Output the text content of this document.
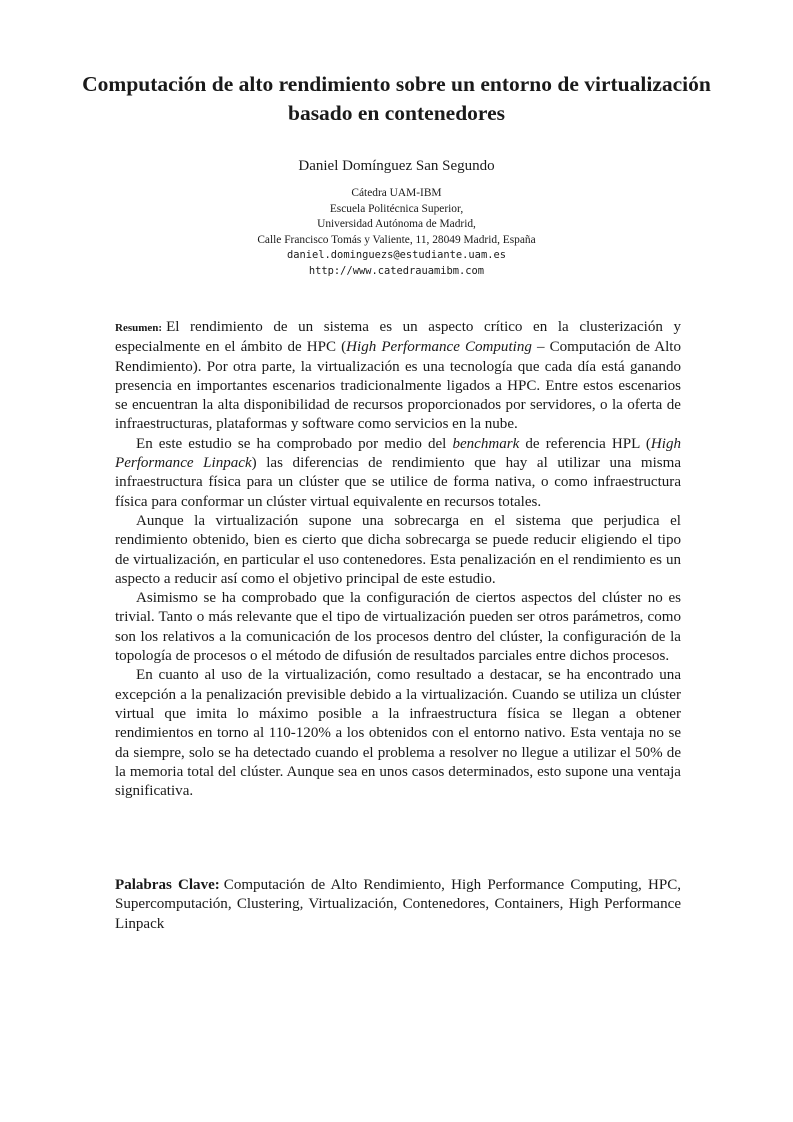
Computación de alto rendimiento sobre un entorno de virtualización basado en contenedores
Daniel Domínguez San Segundo
Cátedra UAM-IBM
Escuela Politécnica Superior,
Universidad Autónoma de Madrid,
Calle Francisco Tomás y Valiente, 11, 28049 Madrid, España
daniel.dominguezs@estudiante.uam.es
http://www.catedrauamibm.com

Resumen: El rendimiento de un sistema es un aspecto crítico en la clusterización y especialmente en el ámbito de HPC (High Performance Computing – Computación de Alto Rendimiento). Por otra parte, la virtualización es una tecnología que cada día está ganando presencia en importantes escenarios tradicionalmente ligados a HPC. Entre estos escenarios se encuentran la alta disponibilidad de recursos proporcionados por servidores, o la oferta de infraestructuras, plataformas y software como servicios en la nube.

En este estudio se ha comprobado por medio del benchmark de referencia HPL (High Performance Linpack) las diferencias de rendimiento que hay al utilizar una misma infraestructura física para un clúster que se utilice de forma nativa, o como infraestructura física para conformar un clúster virtual equivalente en recursos totales.

Aunque la virtualización supone una sobrecarga en el sistema que perjudica el rendimiento obtenido, bien es cierto que dicha sobrecarga se puede reducir eligiendo el tipo de virtualización, en particular el uso contenedores. Esta penalización en el rendimiento es un aspecto a reducir así como el objetivo principal de este estudio.

Asimismo se ha comprobado que la configuración de ciertos aspectos del clúster no es trivial. Tanto o más relevante que el tipo de virtualización pueden ser otros parámetros, como son los relativos a la comunicación de los procesos dentro del clúster, la configuración de la topología de procesos o el método de difusión de resultados parciales entre dichos procesos.

En cuanto al uso de la virtualización, como resultado a destacar, se ha encontrado una excepción a la penalización previsible debido a la virtualización. Cuando se utiliza un clúster virtual que imita lo máximo posible a la infraestructura física se llegan a obtener rendimientos en torno al 110-120% a los obtenidos con el entorno nativo. Esta ventaja no se da siempre, solo se ha detectado cuando el problema a resolver no llegue a utilizar el 50% de la memoria total del clúster. Aunque sea en unos casos determinados, esto supone una ventaja significativa.

Palabras Clave: Computación de Alto Rendimiento, High Performance Computing, HPC, Supercomputación, Clustering, Virtualización, Contenedores, Containers, High Performance Linpack
